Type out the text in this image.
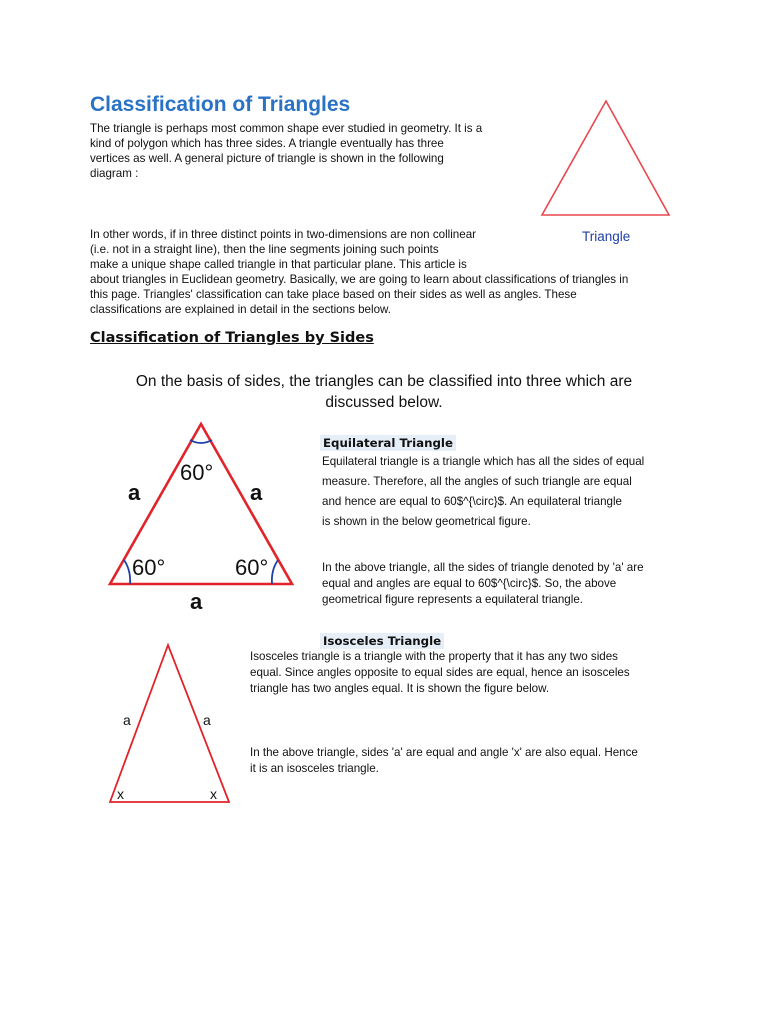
Classification of Triangles
The triangle is perhaps most common shape ever studied in geometry. It is a
kind of polygon which has three sides. A triangle eventually has three
vertices as well. A general picture of triangle is shown in the following
diagram :
Triangle
In other words, if in three distinct points in two-dimensions are non collinear
(i.e. not in a straight line), then the line segments joining such points
make a unique shape called triangle in that particular plane. This article is
about triangles in Euclidean geometry. Basically, we are going to learn about classifications of triangles in
this page. Triangles' classification can take place based on their sides as well as angles. These
classifications are explained in detail in the sections below.
Classification of Triangles by Sides
On the basis of sides, the triangles can be classified into three which are
discussed below.
60°
60°	60°
a	a
a
Equilateral Triangle
Equilateral triangle is a triangle which has all the sides of equal
measure. Therefore, all the angles of such triangle are equal
and hence are equal to 60$^{\circ}$. An equilateral triangle
is shown in the below geometrical figure.
In the above triangle, all the sides of triangle denoted by 'a' are
equal and angles are equal to 60$^{\circ}$. So, the above
geometrical figure represents a equilateral triangle.
a	a
x	x
Isosceles Triangle
Isosceles triangle is a triangle with the property that it has any two sides
equal. Since angles opposite to equal sides are equal, hence an isosceles
triangle has two angles equal. It is shown the figure below.
In the above triangle, sides 'a' are equal and angle 'x' are also equal. Hence
it is an isosceles triangle.
